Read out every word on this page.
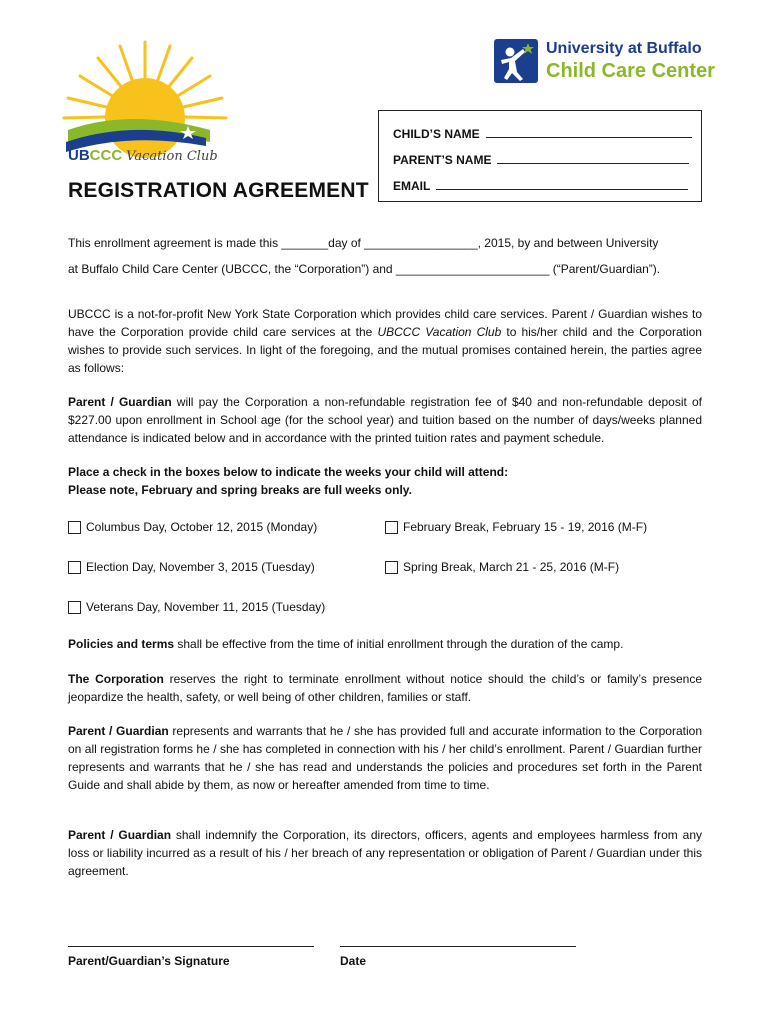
UBCCC Vacation Club
University at Buffalo
Child Care Center
CHILD’S NAME
PARENT’S NAME
EMAIL
REGISTRATION AGREEMENT
This enrollment agreement is made this _______day of _________________, 2015, by and between University
at Buffalo Child Care Center (UBCCC, the “Corporation”) and _______________________ (“Parent/Guardian”).
UBCCC is a not-for-profit New York State Corporation which provides child care services. Parent / Guardian wishes to have the Corporation provide child care services at the UBCCC Vacation Club to his/her child and the Corporation wishes to provide such services. In light of the foregoing, and the mutual promises contained herein, the parties agree as follows:
Parent / Guardian will pay the Corporation a non-refundable registration fee of $40 and non-refundable deposit of $227.00 upon enrollment in School age (for the school year) and tuition based on the number of days/weeks planned attendance is indicated below and in accordance with the printed tuition rates and payment schedule.
Place a check in the boxes below to indicate the weeks your child will attend:
Please note, February and spring breaks are full weeks only.
Columbus Day, October 12, 2015 (Monday)	February Break, February 15 - 19, 2016 (M-F)
Election Day, November 3, 2015 (Tuesday)	Spring Break, March 21 - 25, 2016 (M-F)
Veterans Day, November 11, 2015 (Tuesday)
Policies and terms shall be effective from the time of initial enrollment through the duration of the camp.
The Corporation reserves the right to terminate enrollment without notice should the child’s or family’s presence jeopardize the health, safety, or well being of other children, families or staff.
Parent / Guardian represents and warrants that he / she has provided full and accurate information to the Corporation on all registration forms he / she has completed in connection with his / her child’s enrollment. Parent / Guardian further represents and warrants that he / she has read and understands the policies and procedures set forth in the Parent Guide and shall abide by them, as now or hereafter amended from time to time.
Parent / Guardian shall indemnify the Corporation, its directors, officers, agents and employees harmless from any loss or liability incurred as a result of his / her breach of any representation or obligation of Parent / Guardian under this agreement.
Parent/Guardian’s Signature	Date
